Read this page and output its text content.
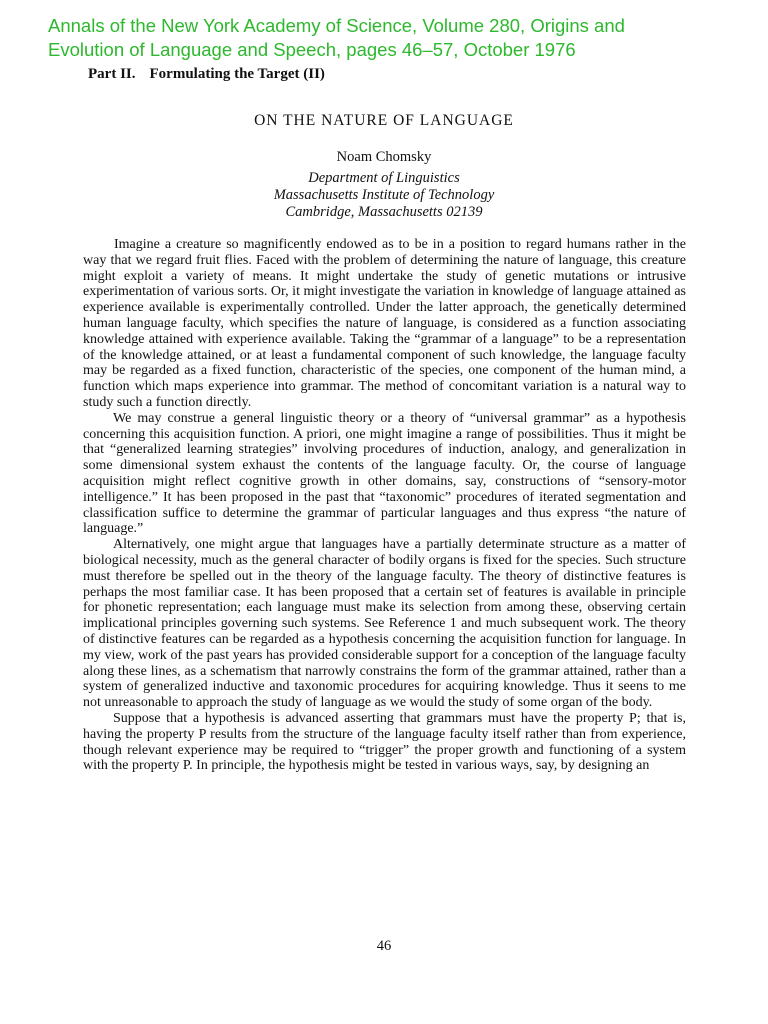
Annals of the New York Academy of Science, Volume 280, Origins and
Evolution of Language and Speech, pages 46–57, October 1976
Part II. Formulating the Target (II)
ON THE NATURE OF LANGUAGE
Noam Chomsky
Department of Linguistics
Massachusetts Institute of Technology
Cambridge, Massachusetts 02139

Imagine a creature so magnificently endowed as to be in a position to regard humans rather in the way that we regard fruit flies. Faced with the problem of determining the nature of language, this creature might exploit a variety of means. It might undertake the study of genetic mutations or intrusive experimentation of various sorts. Or, it might investigate the variation in knowledge of language attained as experience available is experimentally controlled. Under the latter approach, the genetically determined human language faculty, which specifies the nature of language, is considered as a function associating knowledge attained with experience available. Taking the “grammar of a language” to be a representation of the knowledge attained, or at least a fundamental component of such knowledge, the language faculty may be regarded as a fixed function, characteristic of the species, one component of the human mind, a function which maps experience into grammar. The method of concomitant variation is a natural way to study such a function directly.

We may construe a general linguistic theory or a theory of “universal grammar” as a hypothesis concerning this acquisition function. A priori, one might imagine a range of possibilities. Thus it might be that “generalized learning strategies” involving procedures of induction, analogy, and generalization in some dimensional system exhaust the contents of the language faculty. Or, the course of language acquisition might reflect cognitive growth in other domains, say, constructions of “sensory-motor intelligence.” It has been proposed in the past that “taxonomic” procedures of iterated segmentation and classification suffice to determine the grammar of particular languages and thus express “the nature of language.”

Alternatively, one might argue that languages have a partially determinate structure as a matter of biological necessity, much as the general character of bodily organs is fixed for the species. Such structure must therefore be spelled out in the theory of the language faculty. The theory of distinctive features is perhaps the most familiar case. It has been proposed that a certain set of features is available in principle for phonetic representation; each language must make its selection from among these, observing certain implicational principles governing such systems. See Reference 1 and much subsequent work. The theory of distinctive features can be regarded as a hypothesis concerning the acquisition function for language. In my view, work of the past years has provided considerable support for a conception of the language faculty along these lines, as a schematism that narrowly constrains the form of the grammar attained, rather than a system of generalized inductive and taxonomic procedures for acquiring knowledge. Thus it seens to me not unreasonable to approach the study of language as we would the study of some organ of the body.

Suppose that a hypothesis is advanced asserting that grammars must have the property P; that is, having the property P results from the structure of the language faculty itself rather than from experience, though relevant experience may be required to “trigger” the proper growth and functioning of a system with the property P. In principle, the hypothesis might be tested in various ways, say, by designing an

46
